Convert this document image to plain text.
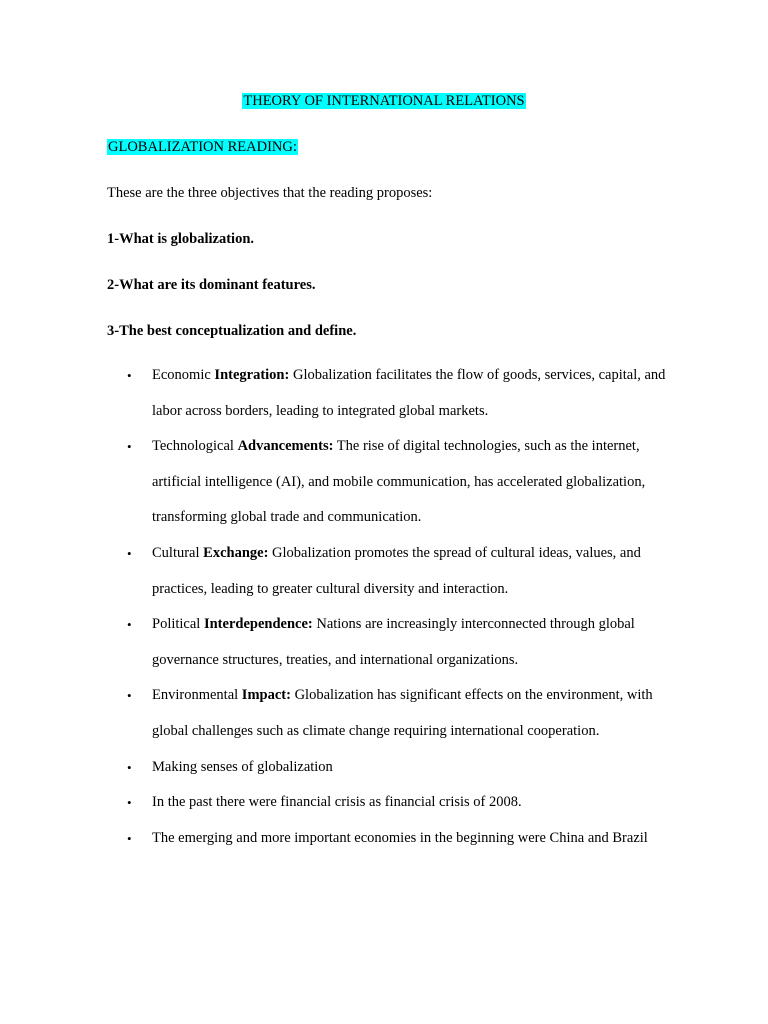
THEORY OF INTERNATIONAL RELATIONS
GLOBALIZATION READING:
These are the three objectives that the reading proposes:
1-What is globalization.
2-What are its dominant features.
3-The best conceptualization and define.
• Economic Integration: Globalization facilitates the flow of goods, services, capital, and labor across borders, leading to integrated global markets.
• Technological Advancements: The rise of digital technologies, such as the internet, artificial intelligence (AI), and mobile communication, has accelerated globalization, transforming global trade and communication.
• Cultural Exchange: Globalization promotes the spread of cultural ideas, values, and practices, leading to greater cultural diversity and interaction.
• Political Interdependence: Nations are increasingly interconnected through global governance structures, treaties, and international organizations.
• Environmental Impact: Globalization has significant effects on the environment, with global challenges such as climate change requiring international cooperation.
• Making senses of globalization
• In the past there were financial crisis as financial crisis of 2008.
• The emerging and more important economies in the beginning were China and Brazil
